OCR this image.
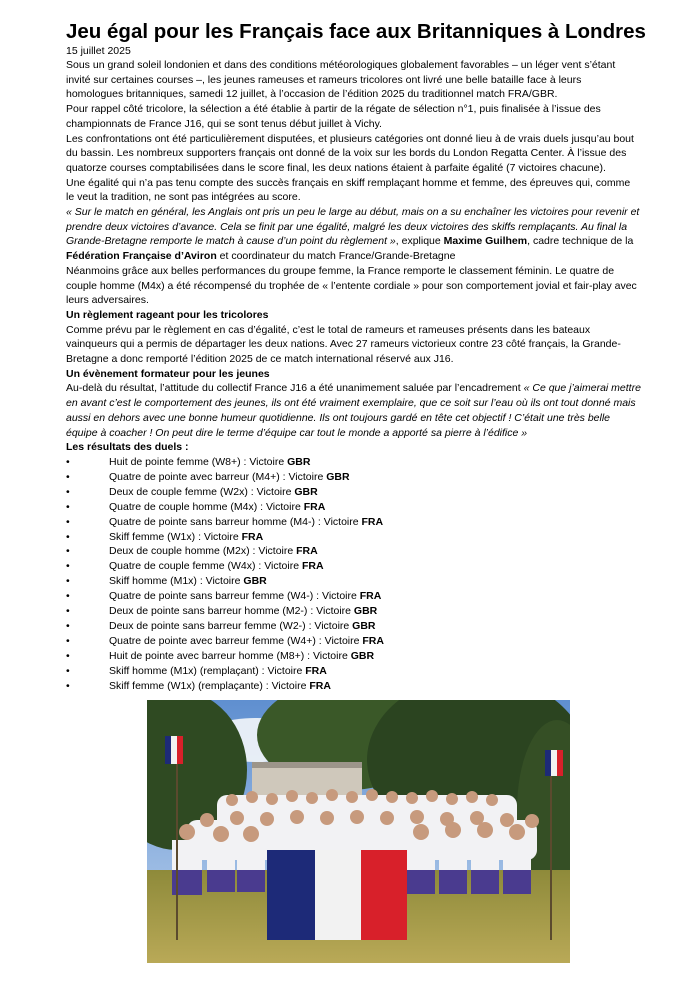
Jeu égal pour les Français face aux Britanniques à Londres
15 juillet 2025

Sous un grand soleil londonien et dans des conditions météorologiques globalement favorables – un léger vent s’étant invité sur certaines courses –, les jeunes rameuses et rameurs tricolores ont livré une belle bataille face à leurs homologues britanniques, samedi 12 juillet, à l’occasion de l’édition 2025 du traditionnel match FRA/GBR.

Pour rappel côté tricolore, la sélection a été établie à partir de la régate de sélection n°1, puis finalisée à l’issue des championnats de France J16, qui se sont tenus début juillet à Vichy.

Les confrontations ont été particulièrement disputées, et plusieurs catégories ont donné lieu à de vrais duels jusqu’au bout du bassin. Les nombreux supporters français ont donné de la voix sur les bords du London Regatta Center. À l’issue des quatorze courses comptabilisées dans le score final, les deux nations étaient à parfaite égalité (7 victoires chacune).

Une égalité qui n’a pas tenu compte des succès français en skiff remplaçant homme et femme, des épreuves qui, comme le veut la tradition, ne sont pas intégrées au score.

« Sur le match en général, les Anglais ont pris un peu le large au début, mais on a su enchaîner les victoires pour revenir et prendre deux victoires d’avance. Cela se finit par une égalité, malgré les deux victoires des skiffs remplaçants. Au final la Grande-Bretagne remporte le match à cause d’un point du règlement », explique Maxime Guilhem, cadre technique de la
Fédération Française d’Aviron et coordinateur du match France/Grande-Bretagne

Néanmoins grâce aux belles performances du groupe femme, la France remporte le classement féminin. Le quatre de couple homme (M4x) a été récompensé du trophée de « l’entente cordiale » pour son comportement jovial et fair-play avec leurs adversaires.

Un règlement rageant pour les tricolores

Comme prévu par le règlement en cas d’égalité, c’est le total de rameurs et rameuses présents dans les bateaux vainqueurs qui a permis de départager les deux nations. Avec 27 rameurs victorieux contre 23 côté français, la Grande-Bretagne a donc remporté l’édition 2025 de ce match international réservé aux J16.

Un évènement formateur pour les jeunes

Au-delà du résultat, l’attitude du collectif France J16 a été unanimement saluée par l’encadrement « Ce que j’aimerai mettre en avant c’est le comportement des jeunes, ils ont été vraiment exemplaire, que ce soit sur l’eau où ils ont tout donné mais aussi en dehors avec une bonne humeur quotidienne. Ils ont toujours gardé en tête cet objectif ! C’était une très belle équipe à coacher ! On peut dire le terme d’équipe car tout le monde a apporté sa pierre à l’édifice »

Les résultats des duels :

•	Huit de pointe femme (W8+) : Victoire GBR
•	Quatre de pointe avec barreur (M4+) : Victoire GBR
•	Deux de couple femme (W2x) : Victoire GBR
•	Quatre de couple homme (M4x) : Victoire FRA
•	Quatre de pointe sans barreur homme (M4-) : Victoire FRA
•	Skiff femme (W1x) : Victoire FRA
•	Deux de couple homme (M2x) : Victoire FRA
•	Quatre de couple femme (W4x) : Victoire FRA
•	Skiff homme (M1x) : Victoire GBR
•	Quatre de pointe sans barreur femme (W4-) : Victoire FRA
•	Deux de pointe sans barreur homme (M2-) : Victoire GBR
•	Deux de pointe sans barreur femme (W2-) : Victoire GBR
•	Quatre de pointe avec barreur femme (W4+) : Victoire FRA
•	Huit de pointe avec barreur homme (M8+) : Victoire GBR
•	Skiff homme (M1x) (remplaçant) : Victoire FRA
•	Skiff femme (W1x) (remplaçante) : Victoire FRA
